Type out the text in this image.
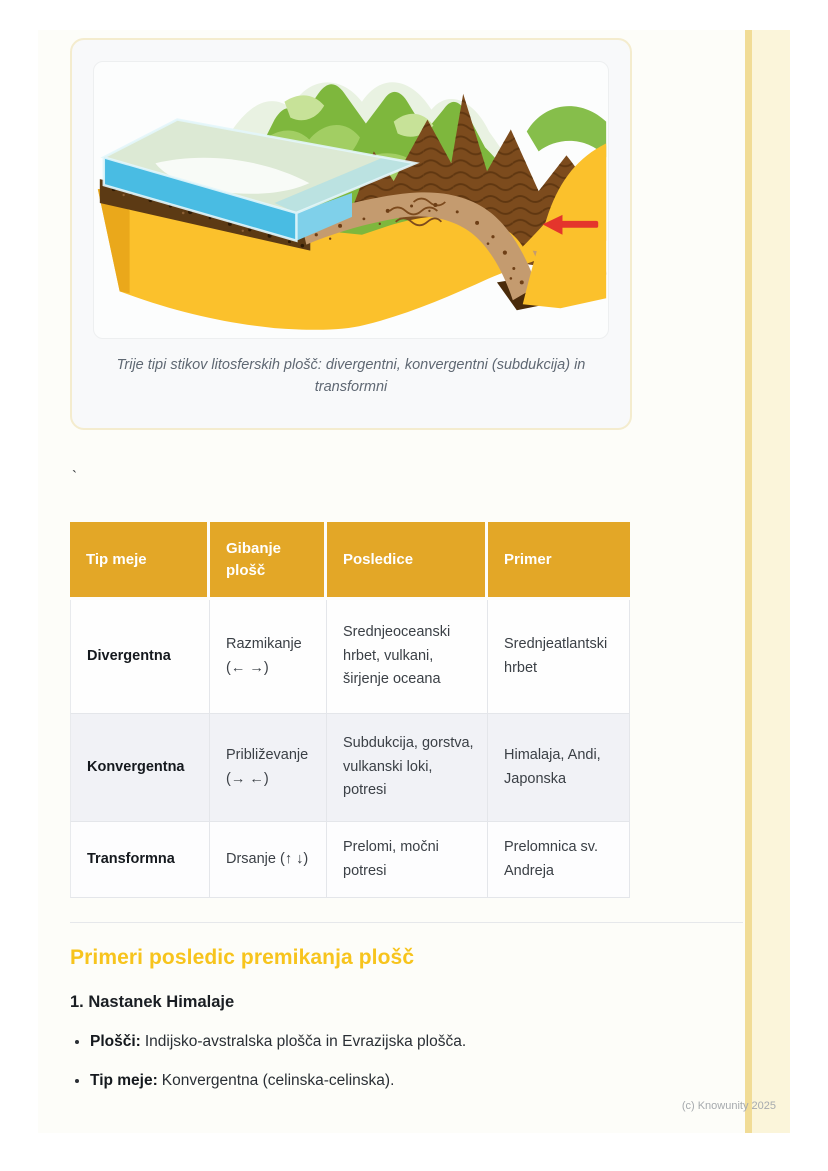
Trije tipi stikov litosferskih plošč: divergentni, konvergentni (subdukcija) in transformni
`
Tip meje	Gibanje plošč	Posledice	Primer
Divergentna	Razmikanje (← →)	Srednjeoceanski hrbet, vulkani, širjenje oceana	Srednjeatlantski hrbet
Konvergentna	Približevanje (→ ←)	Subdukcija, gorstva, vulkanski loki, potresi	Himalaja, Andi, Japonska
Transformna	Drsanje (↑ ↓)	Prelomi, močni potresi	Prelomnica sv. Andreja
Primeri posledic premikanja plošč
1. Nastanek Himalaje
• Plošči: Indijsko-avstralska plošča in Evrazijska plošča.
• Tip meje: Konvergentna (celinska-celinska).
(c) Knowunity 2025
